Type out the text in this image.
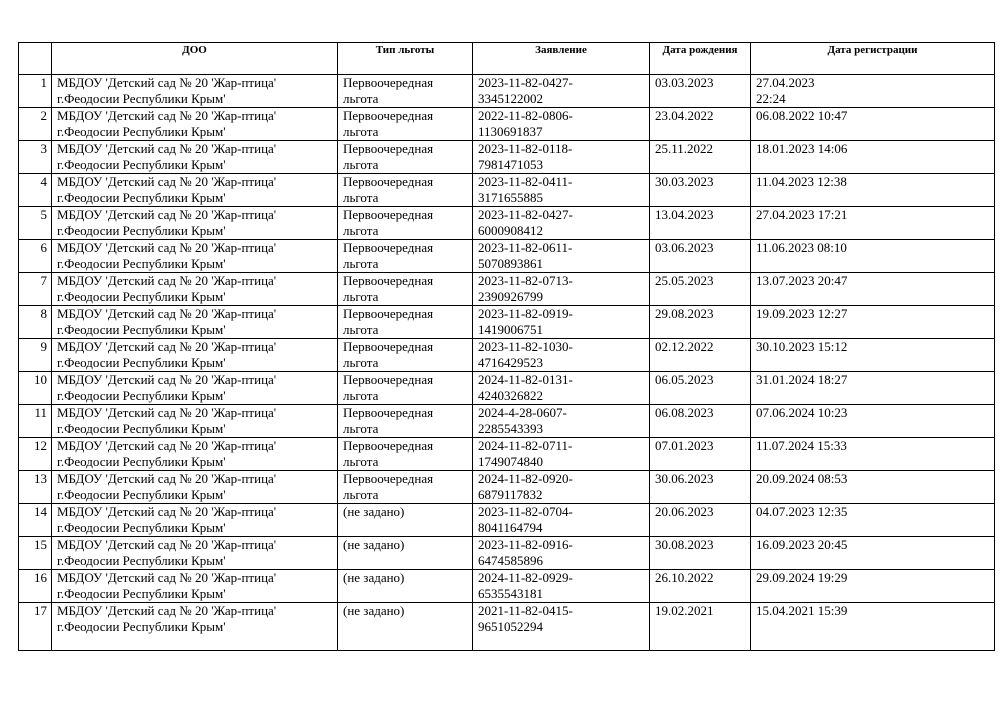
	ДОО	Тип льготы	Заявление	Дата рождения	Дата регистрации
1	МБДОУ 'Детский сад № 20 'Жар-птица'
г.Феодосии Республики Крым'	Первоочередная
льгота	2023-11-82-0427-
3345122002	03.03.2023	27.04.2023
22:24

2	МБДОУ 'Детский сад № 20 'Жар-птица'
г.Феодосии Республики Крым'	Первоочередная
льгота	2022-11-82-0806-
1130691837	23.04.2022	06.08.2022 10:47

3	МБДОУ 'Детский сад № 20 'Жар-птица'
г.Феодосии Республики Крым'	Первоочередная
льгота	2023-11-82-0118-
7981471053	25.11.2022	18.01.2023 14:06

4	МБДОУ 'Детский сад № 20 'Жар-птица'
г.Феодосии Республики Крым'	Первоочередная
льгота	2023-11-82-0411-
3171655885	30.03.2023	11.04.2023 12:38

5	МБДОУ 'Детский сад № 20 'Жар-птица'
г.Феодосии Республики Крым'	Первоочередная
льгота	2023-11-82-0427-
6000908412	13.04.2023	27.04.2023 17:21

6	МБДОУ 'Детский сад № 20 'Жар-птица'
г.Феодосии Республики Крым'	Первоочередная
льгота	2023-11-82-0611-
5070893861	03.06.2023	11.06.2023 08:10

7	МБДОУ 'Детский сад № 20 'Жар-птица'
г.Феодосии Республики Крым'	Первоочередная
льгота	2023-11-82-0713-
2390926799	25.05.2023	13.07.2023 20:47

8	МБДОУ 'Детский сад № 20 'Жар-птица'
г.Феодосии Республики Крым'	Первоочередная
льгота	2023-11-82-0919-
1419006751	29.08.2023	19.09.2023 12:27

9	МБДОУ 'Детский сад № 20 'Жар-птица'
г.Феодосии Республики Крым'	Первоочередная
льгота	2023-11-82-1030-
4716429523	02.12.2022	30.10.2023 15:12

10	МБДОУ 'Детский сад № 20 'Жар-птица'
г.Феодосии Республики Крым'	Первоочередная
льгота	2024-11-82-0131-
4240326822	06.05.2023	31.01.2024 18:27

11	МБДОУ 'Детский сад № 20 'Жар-птица'
г.Феодосии Республики Крым'	Первоочередная
льгота	2024-4-28-0607-
2285543393	06.08.2023	07.06.2024 10:23

12	МБДОУ 'Детский сад № 20 'Жар-птица'
г.Феодосии Республики Крым'	Первоочередная
льгота	2024-11-82-0711-
1749074840	07.01.2023	11.07.2024 15:33

13	МБДОУ 'Детский сад № 20 'Жар-птица'
г.Феодосии Республики Крым'	Первоочередная
льгота	2024-11-82-0920-
6879117832	30.06.2023	20.09.2024 08:53

14	МБДОУ 'Детский сад № 20 'Жар-птица'
г.Феодосии Республики Крым'	(не задано)	2023-11-82-0704-
8041164794	20.06.2023	04.07.2023 12:35

15	МБДОУ 'Детский сад № 20 'Жар-птица'
г.Феодосии Республики Крым'	(не задано)	2023-11-82-0916-
6474585896	30.08.2023	16.09.2023 20:45

16	МБДОУ 'Детский сад № 20 'Жар-птица'
г.Феодосии Республики Крым'	(не задано)	2024-11-82-0929-
6535543181	26.10.2022	29.09.2024 19:29

17	МБДОУ 'Детский сад № 20 'Жар-птица'
г.Феодосии Республики Крым'	(не задано)	2021-11-82-0415-
9651052294	19.02.2021	15.04.2021 15:39
